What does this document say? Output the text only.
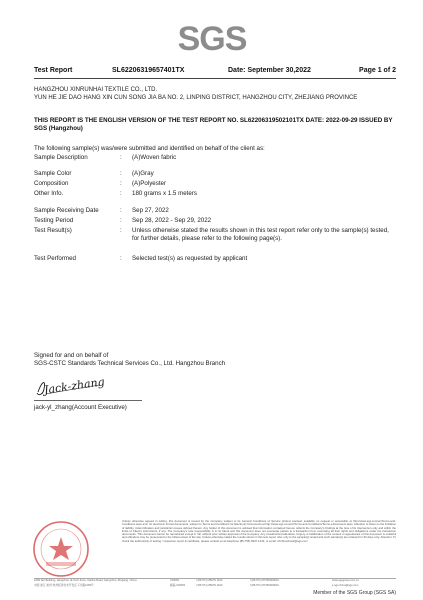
SGS
Test Report	SL62206319657401TX	Date: September 30,2022	Page 1 of 2
HANGZHOU XINRUNHAI TEXTILE CO., LTD.
YUN HE JIE DAO HANG XIN CUN SONG JIA BA NO. 2, LINPING DISTRICT, HANGZHOU CITY, ZHEJIANG PROVINCE
THIS REPORT IS THE ENGLISH VERSION OF THE TEST REPORT NO. SL62206319502101TX DATE: 2022-09-29 ISSUED BY SGS (Hangzhou)
The following sample(s) was/were submitted and identified on behalf of the client as:
Sample Description	: (A)Woven fabric
Sample Color	: (A)Gray
Composition	: (A)Polyester
Other Info.	: 180 grams x 1.5 meters
Sample Receiving Date	: Sep 27, 2022
Testing Period	: Sep 28, 2022 - Sep 29, 2022
Test Result(s)	: Unless otherwise stated the results shown in this test report refer only to the sample(s) tested, for further details, please refer to the following page(s).
Test Performed	: Selected test(s) as requested by applicant
Signed for and on behalf of
SGS-CSTC Standards Technical Services Co., Ltd. Hangzhou Branch
Jack-zhang
jack-yl_zhang(Account Executive)
Unless otherwise agreed in writing, this document is issued by the Company subject to its General Conditions of Service printed overleaf, available on request or accessible at http://www.sgs.com/en/Terms-and-Conditions.aspx and, for electronic format documents, subject to Terms and Conditions for Electronic Documents at http://www.sgs.com/en/Terms-and-Conditions/Terms-e-Document.aspx. Attention is drawn to the limitation of liability, indemnification and jurisdiction issues defined therein. Any holder of this document is advised that information contained hereon reflects the Company's findings at the time of its intervention only and within the limits of Client's instructions, if any. The Company's sole responsibility is to its Client and this document does not exonerate parties to a transaction from exercising all their rights and obligations under the transaction documents. This document cannot be reproduced except in full, without prior written approval of the Company. Any unauthorized alteration, forgery or falsification of the content or appearance of this document is unlawful and offenders may be prosecuted to the fullest extent of the law. Unless otherwise stated the results shown in this test report refer only to the sample(s) tested and such sample(s) are retained for 30 days only. Attention: To check the authenticity of testing / inspection report & certificate, please contact us at telephone (86-755) 8307 1443, or email: CN.Doccheck@sgs.com
1283 Not Building, Hangzhou Hi-Tech Zone, Xiasha Road, Hangzhou, Zhejiang, China	310052	t (86-571) 88279 1100	f (86-571) 87250000001	www.sgsgroup.com.cn
中国·浙江·杭州·杭州经济技术开发区下沙路1283号	邮编:310052	t (86-571) 88279 1100	f (86-571) 87250000001	e sgs.china@sgs.com
Member of the SGS Group (SGS SA)
